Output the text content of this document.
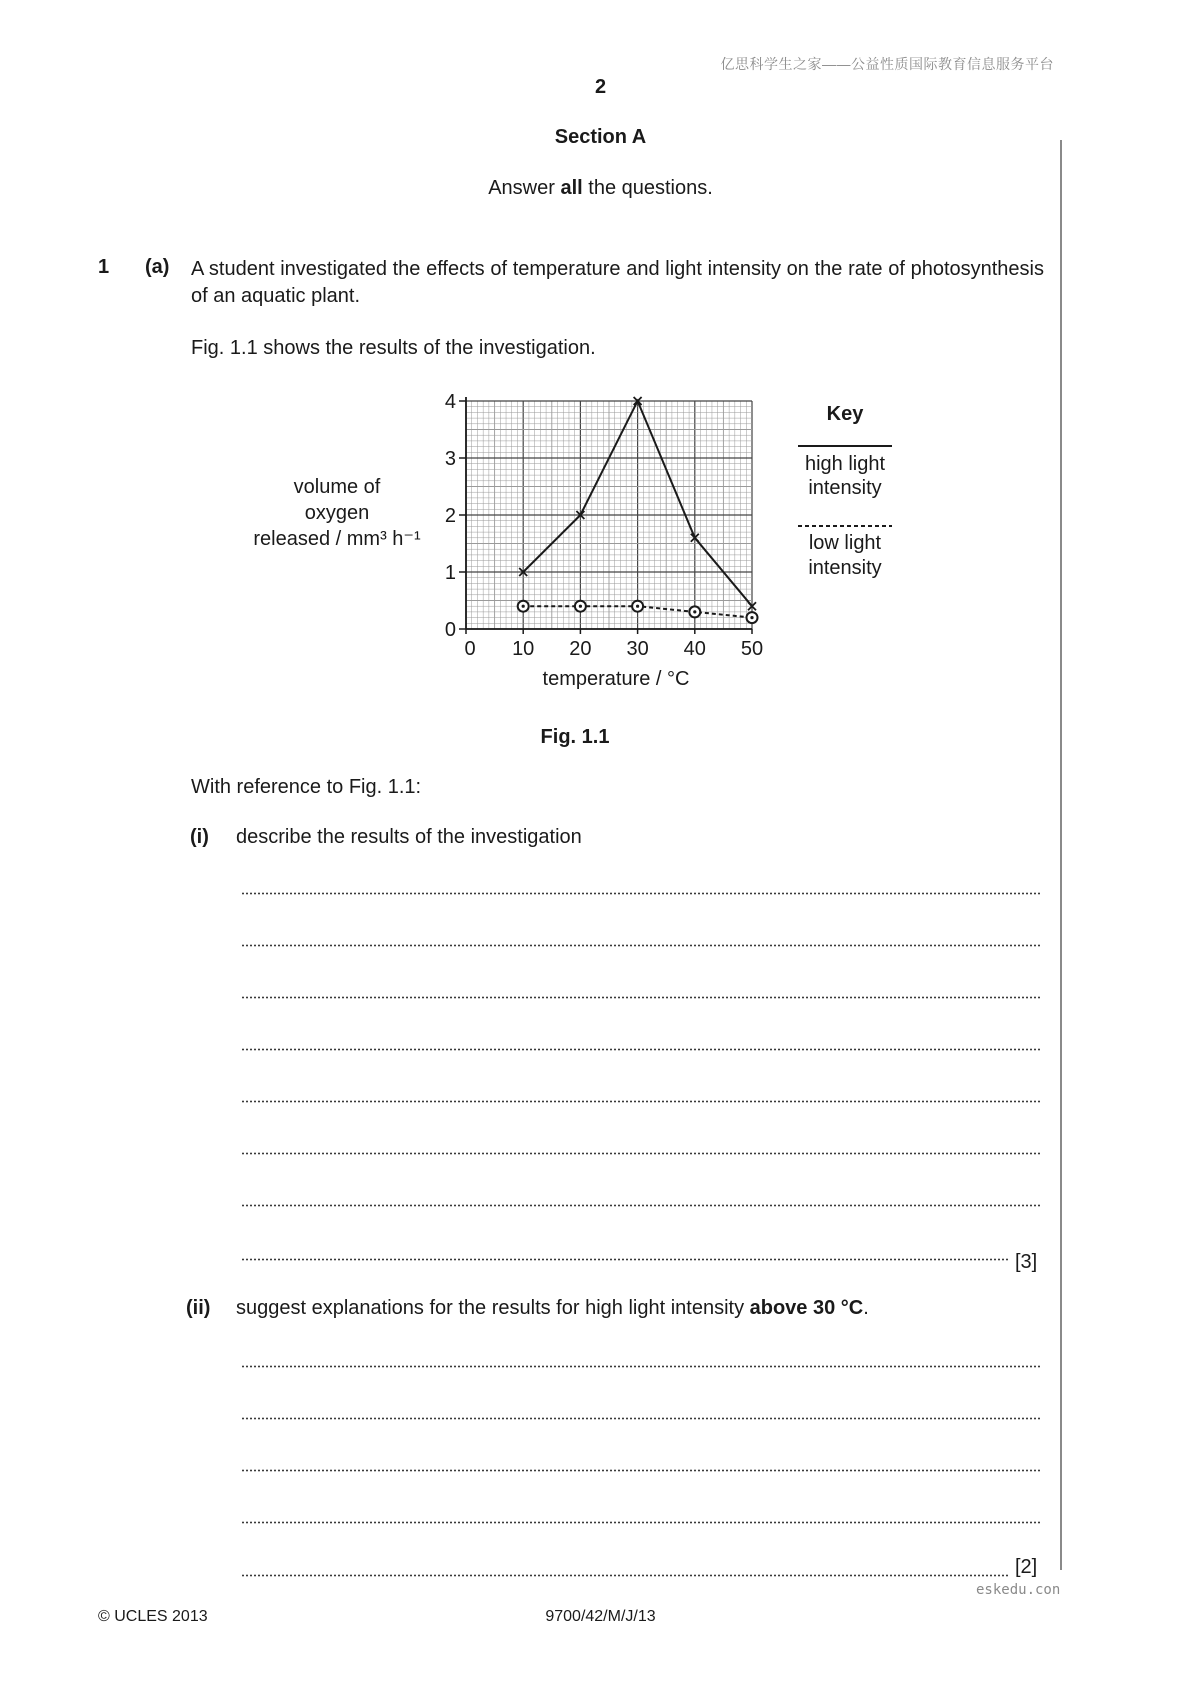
亿思科学生之家——公益性质国际教育信息服务平台
2
Section A
Answer all the questions.
1 (a) A student investigated the effects of temperature and light intensity on the rate of photosynthesis of an aquatic plant.
Fig. 1.1 shows the results of the investigation.
volume of
oxygen
released / mm³ h⁻¹
0
1
2
3
4
0 10 20 30 40 50
temperature / °C
Key
high light
intensity
low light
intensity
Fig. 1.1
With reference to Fig. 1.1:
(i) describe the results of the investigation
[3]
(ii) suggest explanations for the results for high light intensity above 30 °C.
[2]
eskedu.con
© UCLES 2013	9700/42/M/J/13
